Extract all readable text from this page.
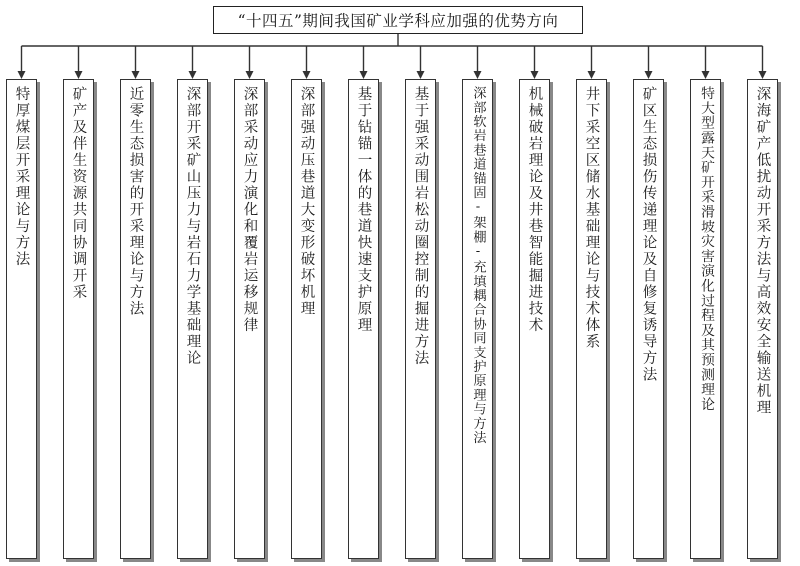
“十四五”期间我国矿业学科应加强的优势方向
特厚煤层开采理论与方法	矿产及伴生资源共同协调开采	近零生态损害的开采理论与方法	深部开采矿山压力与岩石力学基础理论	深部采动应力演化和覆岩运移规律	深部强动压巷道大变形破坏机理	基于钻锚一体的巷道快速支护原理	基于强采动围岩松动圈控制的掘进方法	深部软岩巷道锚固-架棚-充填耦合协同支护原理与方法	机械破岩理论及井巷智能掘进技术	井下采空区储水基础理论与技术体系	矿区生态损伤传递理论及自修复诱导方法	特大型露天矿开采滑坡灾害演化过程及其预测理论	深海矿产低扰动开采方法与高效安全输送机理
